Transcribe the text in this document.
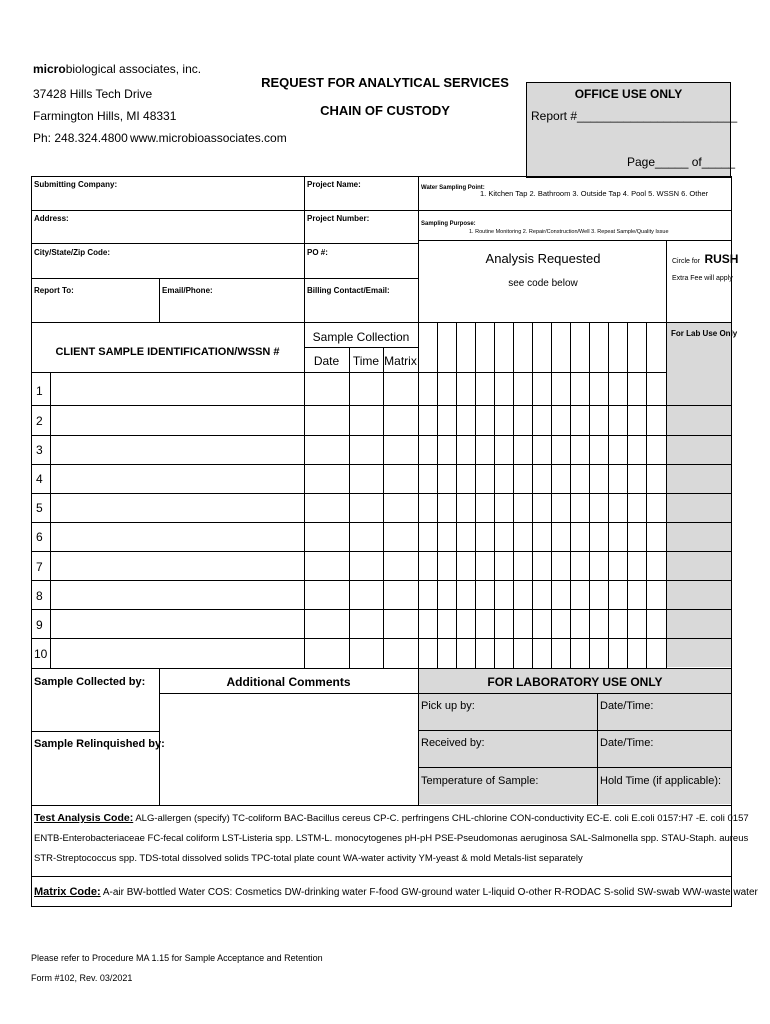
microbiological associates, inc.
37428 Hills Tech Drive
Farmington Hills, MI 48331
Ph: 248.324.4800 www.microbioassociates.com
REQUEST FOR ANALYTICAL SERVICES
CHAIN OF CUSTODY
OFFICE USE ONLY
Report #________________________
Page_____ of_____
Submitting Company:	Project Name:	Water Sampling Point:
1. Kitchen Tap 2. Bathroom 3. Outside Tap 4. Pool 5. WSSN 6. Other
Address:	Project Number:
Sampling Purpose:
1. Routine Monitoring 2. Repair/Construction/Well 3. Repeat Sample/Quality Issue
City/State/Zip Code:	PO #:
Report To:	Email/Phone:	Billing Contact/Email:
Analysis Requested
see code below
Circle for RUSH
Extra Fee will apply
For Lab Use Only
CLIENT SAMPLE IDENTIFICATION/WSSN #
Sample Collection
Date	Time Matrix
1
2
3
4
5
6
7
8
9
10
Sample Collected by:	Additional Comments
Sample Relinquished by:
FOR LABORATORY USE ONLY
Pick up by:	Date/Time:
Received by:	Date/Time:
Temperature of Sample:	Hold Time (if applicable):
Test Analysis Code: ALG-allergen (specify) TC-coliform BAC-Bacillus cereus CP-C. perfringens CHL-chlorine CON-conductivity EC-E. coli E.coli 0157:H7 -E. coli 0157
ENTB-Enterobacteriaceae FC-fecal coliform LST-Listeria spp. LSTM-L. monocytogenes pH-pH PSE-Pseudomonas aeruginosa SAL-Salmonella spp. STAU-Staph. aureus
STR-Streptococcus spp. TDS-total dissolved solids TPC-total plate count WA-water activity YM-yeast & mold Metals-list separately
Matrix Code: A-air BW-bottled Water COS: Cosmetics DW-drinking water F-food GW-ground water L-liquid O-other R-RODAC S-solid SW-swab WW-waste water
Please refer to Procedure MA 1.15 for Sample Acceptance and Retention
Form #102, Rev. 03/2021
